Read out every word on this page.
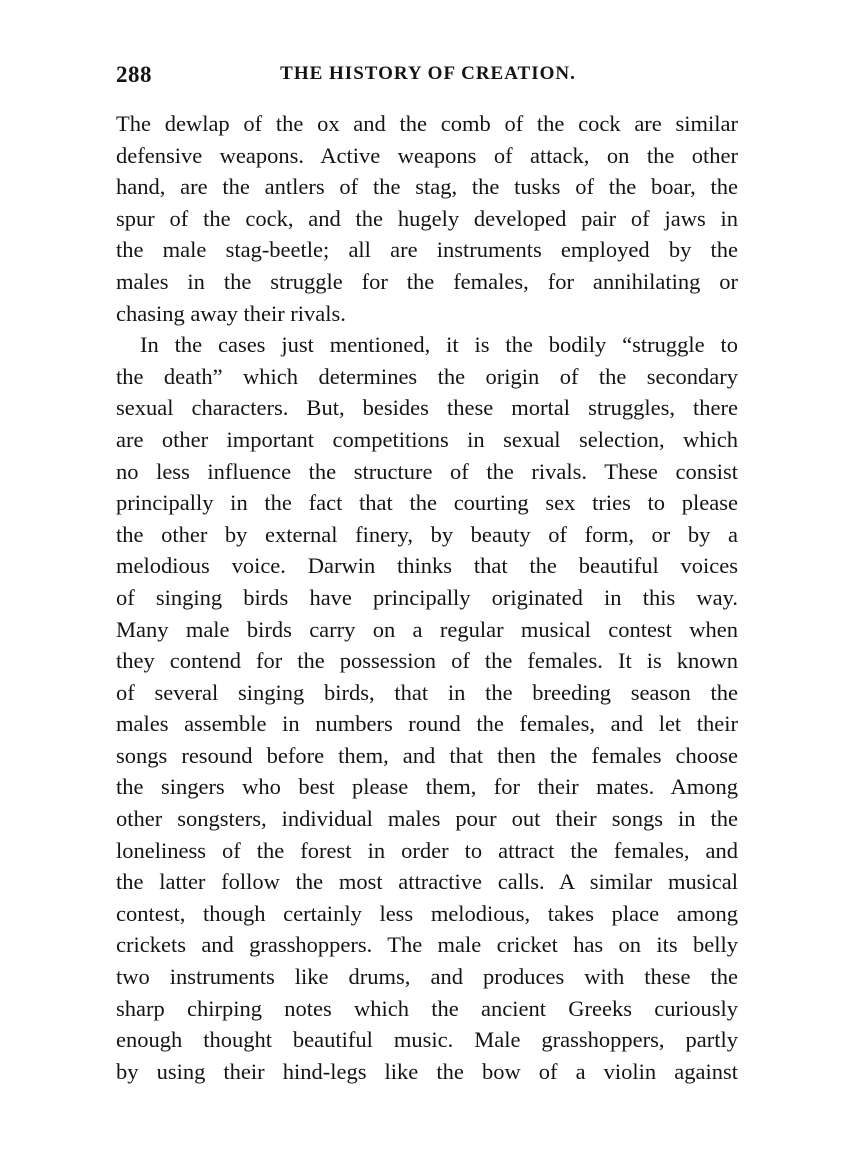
288	THE HISTORY OF CREATION.
The dewlap of the ox and the comb of the cock are similar
defensive weapons. Active weapons of attack, on the other
hand, are the antlers of the stag, the tusks of the boar, the
spur of the cock, and the hugely developed pair of jaws in
the male stag-beetle; all are instruments employed by the
males in the struggle for the females, for annihilating or
chasing away their rivals.
In the cases just mentioned, it is the bodily “struggle to
the death” which determines the origin of the secondary
sexual characters. But, besides these mortal struggles, there
are other important competitions in sexual selection, which
no less influence the structure of the rivals. These consist
principally in the fact that the courting sex tries to please
the other by external finery, by beauty of form, or by a
melodious voice. Darwin thinks that the beautiful voices
of singing birds have principally originated in this way.
Many male birds carry on a regular musical contest when
they contend for the possession of the females. It is known
of several singing birds, that in the breeding season the
males assemble in numbers round the females, and let their
songs resound before them, and that then the females choose
the singers who best please them, for their mates. Among
other songsters, individual males pour out their songs in the
loneliness of the forest in order to attract the females, and
the latter follow the most attractive calls. A similar musical
contest, though certainly less melodious, takes place among
crickets and grasshoppers. The male cricket has on its belly
two instruments like drums, and produces with these the
sharp chirping notes which the ancient Greeks curiously
enough thought beautiful music. Male grasshoppers, partly
by using their hind-legs like the bow of a violin against
